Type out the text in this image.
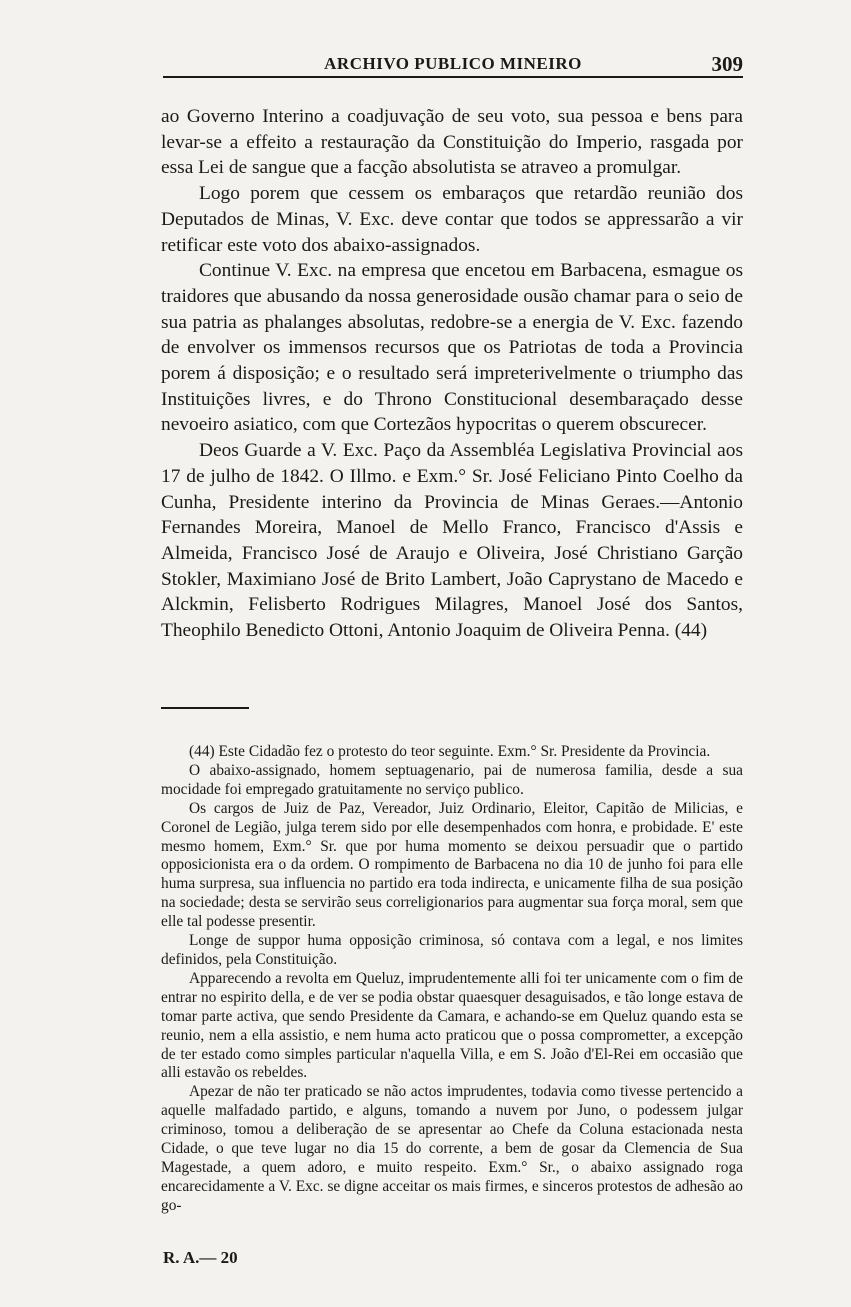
ARCHIVO PUBLICO MINEIRO	309

ao Governo Interino a coadjuvação de seu voto, sua pessoa e bens para levar-se a effeito a restauração da Constituição do Imperio, rasgada por essa Lei de sangue que a facção absolutista se atraveo a promulgar.

Logo porem que cessem os embaraços que retardão reunião dos Deputados de Minas, V. Exc. deve contar que todos se appressarão a vir retificar este voto dos abaixo-assignados.

Continue V. Exc. na empresa que encetou em Barbacena, esmague os traidores que abusando da nossa generosidade ousão chamar para o seio de sua patria as phalanges absolutas, redobre-se a energia de V. Exc. fazendo de envolver os immensos recursos que os Patriotas de toda a Provincia porem á disposição; e o resultado será impreterivelmente o triumpho das Instituições livres, e do Throno Constitucional desembaraçado desse nevoeiro asiatico, com que Cortezãos hypocritas o querem obscurecer.

Deos Guarde a V. Exc. Paço da Assembléa Legislativa Provincial aos 17 de julho de 1842. O Illmo. e Exm.° Sr. José Feliciano Pinto Coelho da Cunha, Presidente interino da Provincia de Minas Geraes.—Antonio Fernandes Moreira, Manoel de Mello Franco, Francisco d'Assis e Almeida, Francisco José de Araujo e Oliveira, José Christiano Garção Stokler, Maximiano José de Brito Lambert, João Caprystano de Macedo e Alckmin, Felisberto Rodrigues Milagres, Manoel José dos Santos, Theophilo Benedicto Ottoni, Antonio Joaquim de Oliveira Penna. (44)

(44) Este Cidadão fez o protesto do teor seguinte. Exm.° Sr. Presidente da Provincia.

O abaixo-assignado, homem septuagenario, pai de numerosa familia, desde a sua mocidade foi empregado gratuitamente no serviço publico.

Os cargos de Juiz de Paz, Vereador, Juiz Ordinario, Eleitor, Capitão de Milicias, e Coronel de Legião, julga terem sido por elle desempenhados com honra, e probidade. E' este mesmo homem, Exm.° Sr. que por huma momento se deixou persuadir que o partido opposicionista era o da ordem. O rompimento de Barbacena no dia 10 de junho foi para elle huma surpresa, sua influencia no partido era toda indirecta, e unicamente filha de sua posição na sociedade; desta se servirão seus correligionarios para augmentar sua força moral, sem que elle tal podesse presentir.

Longe de suppor huma opposição criminosa, só contava com a legal, e nos limites definidos, pela Constituição.

Apparecendo a revolta em Queluz, imprudentemente alli foi ter unicamente com o fim de entrar no espirito della, e de ver se podia obstar quaesquer desaguisados, e tão longe estava de tomar parte activa, que sendo Presidente da Camara, e achando-se em Queluz quando esta se reunio, nem a ella assistio, e nem huma acto praticou que o possa comprometter, a excepção de ter estado como simples particular n'aquella Villa, e em S. João d'El-Rei em occasião que alli estavão os rebeldes.

Apezar de não ter praticado se não actos imprudentes, todavia como tivesse pertencido a aquelle malfadado partido, e alguns, tomando a nuvem por Juno, o podessem julgar criminoso, tomou a deliberação de se apresentar ao Chefe da Coluna estacionada nesta Cidade, o que teve lugar no dia 15 do corrente, a bem de gosar da Clemencia de Sua Magestade, a quem adoro, e muito respeito. Exm.° Sr., o abaixo assignado roga encarecidamente a V. Exc. se digne acceitar os mais firmes, e sinceros protestos de adhesão ao go-

R. A.— 20
